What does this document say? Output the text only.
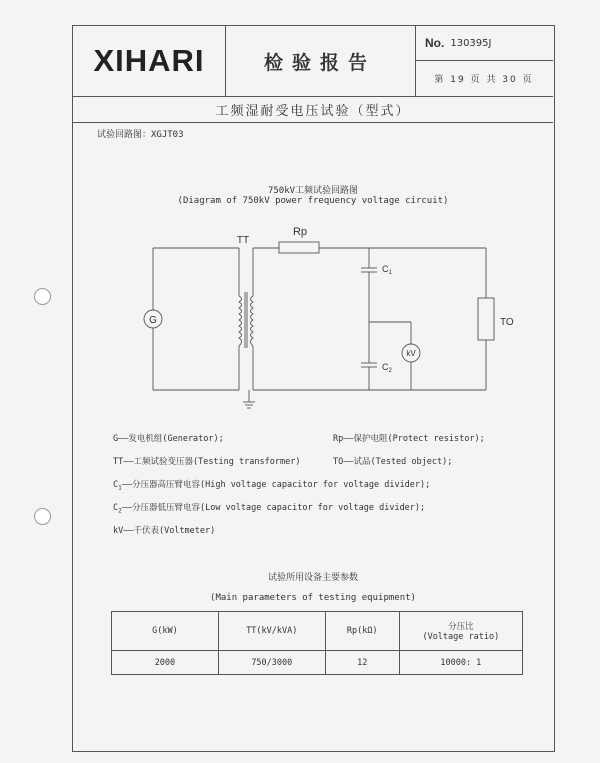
XIHARI	检验报告
No. 130395J
第 19 页 共 30 页
工频湿耐受电压试验（型式）
试验回路图：XGJT03
750kV工频试验回路图
(Diagram of 750kV power frequency voltage circuit)
G
TT
Rp
$C_1$
$C_2$
kV
TO
G——发电机组(Generator);	Rp——保护电阻(Protect resistor);
TT——工频试验变压器(Testing transformer)	TO——试品(Tested object);
$C_1——$分压器高压臂电容(High voltage capacitor for voltage divider);
$C_2——$分压器低压臂电容(Low voltage capacitor for voltage divider);
kV——千伏表(Voltmeter)
试验所用设备主要参数
(Main parameters of testing equipment)
G(kW)	TT(kV/kVA)	Rp(kΩ)	分压比
(Voltage ratio)

2000	750/3000	12	10000: 1
